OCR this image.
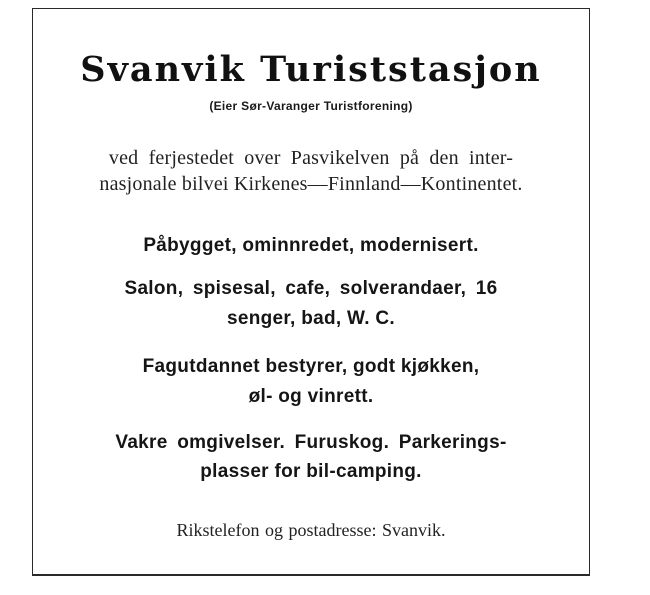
Svanvik Turiststasjon

(Eier Sør-Varanger Turistforening)

ved ferjestedet over Pasvikelven på den inter-

nasjonale bilvei Kirkenes—Finnland—Kontinentet.

Påbygget, ominnredet, modernisert.

Salon, spisesal, cafe, solverandaer, 16

senger, bad, W. C.

Fagutdannet bestyrer, godt kjøkken,

øl- og vinrett.

Vakre omgivelser. Furuskog. Parkerings-

plasser for bil-camping.

Rikstelefon og postadresse: Svanvik.
